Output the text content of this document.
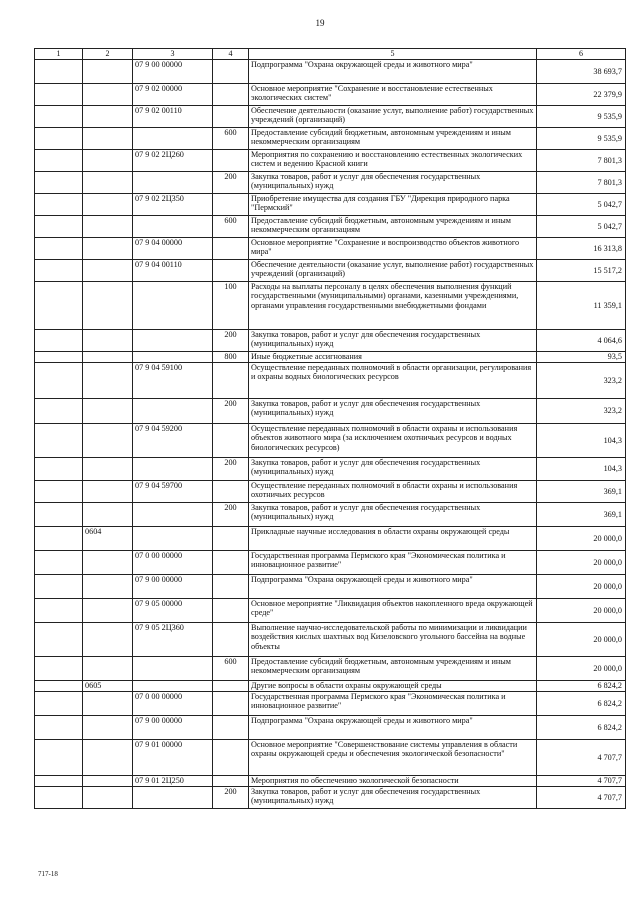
19
1	2	3	4	5	6
		07 9 00 00000		Подпрограмма "Охрана окружающей среды и животного мира"	38 693,7
		07 9 02 00000		Основное мероприятие "Сохранение и восстановление естественных экологических систем"	22 379,9
		07 9 02 00110		Обеспечение деятельности (оказание услуг, выполнение работ) государственных учреждений (организаций)	9 535,9
			600	Предоставление субсидий бюджетным, автономным учреждениям и иным некоммерческим организациям	9 535,9
		07 9 02 2Ц260		Мероприятия по сохранению и восстановлению естественных экологических систем и ведению Красной книги	7 801,3
			200	Закупка товаров, работ и услуг для обеспечения государственных (муниципальных) нужд	7 801,3
		07 9 02 2Ц350		Приобретение имущества для создания ГБУ "Дирекция природного парка "Пермский"	5 042,7
			600	Предоставление субсидий бюджетным, автономным учреждениям и иным некоммерческим организациям	5 042,7
		07 9 04 00000		Основное мероприятие "Сохранение и воспроизводство объектов животного мира"	16 313,8
		07 9 04 00110		Обеспечение деятельности (оказание услуг, выполнение работ) государственных учреждений (организаций)	15 517,2
			100	Расходы на выплаты персоналу в целях обеспечения выполнения функций государственными (муниципальными) органами, казенными учреждениями, органами управления государственными внебюджетными фондами	11 359,1
			200	Закупка товаров, работ и услуг для обеспечения государственных (муниципальных) нужд	4 064,6
			800	Иные бюджетные ассигнования	93,5
		07 9 04 59100		Осуществление переданных полномочий в области организации, регулирования и охраны водных биологических ресурсов	323,2
			200	Закупка товаров, работ и услуг для обеспечения государственных (муниципальных) нужд	323,2
		07 9 04 59200		Осуществление переданных полномочий в области охраны и использования объектов животного мира (за исключением охотничьих ресурсов и водных биологических ресурсов)	104,3
			200	Закупка товаров, работ и услуг для обеспечения государственных (муниципальных) нужд	104,3
		07 9 04 59700		Осуществление переданных полномочий в области охраны и использования охотничьих ресурсов	369,1
			200	Закупка товаров, работ и услуг для обеспечения государственных (муниципальных) нужд	369,1
	0604			Прикладные научные исследования в области охраны окружающей среды	20 000,0
		07 0 00 00000		Государственная программа Пермского края "Экономическая политика и инновационное развитие"	20 000,0
		07 9 00 00000		Подпрограмма "Охрана окружающей среды и животного мира"	20 000,0
		07 9 05 00000		Основное мероприятие "Ликвидация объектов накопленного вреда окружающей среде"	20 000,0
		07 9 05 2Ц360		Выполнение научно-исследовательской работы по минимизации и ликвидации воздействия кислых шахтных вод Кизеловского угольного бассейна на водные объекты	20 000,0
			600	Предоставление субсидий бюджетным, автономным учреждениям и иным некоммерческим организациям	20 000,0
	0605			Другие вопросы в области охраны окружающей среды	6 824,2
		07 0 00 00000		Государственная программа Пермского края "Экономическая политика и инновационное развитие"	6 824,2
		07 9 00 00000		Подпрограмма "Охрана окружающей среды и животного мира"	6 824,2
		07 9 01 00000		Основное мероприятие "Совершенствование системы управления в области охраны окружающей среды и обеспечения экологической безопасности"	4 707,7
		07 9 01 2Ц250		Мероприятия по обеспечению экологической безопасности	4 707,7
			200	Закупка товаров, работ и услуг для обеспечения государственных (муниципальных) нужд	4 707,7
717-18
